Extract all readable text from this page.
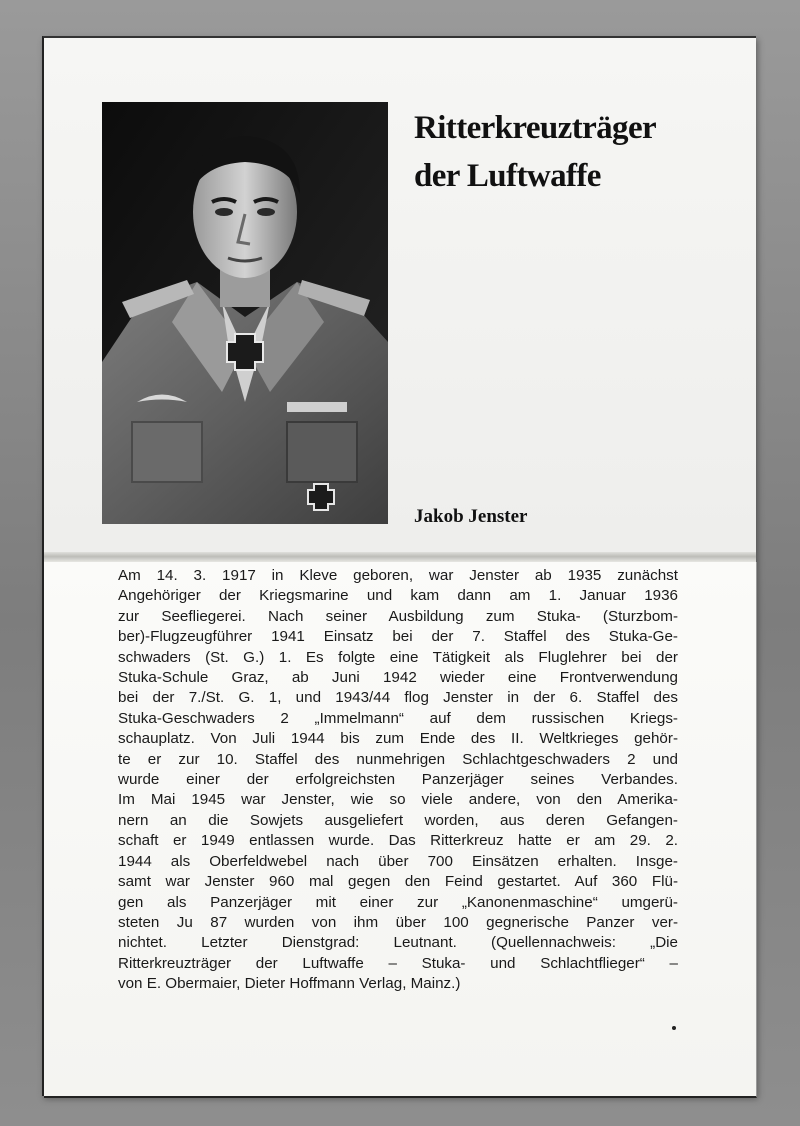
Ritterkreuzträger
der Luftwaffe
Jakob Jenster

Am 14. 3. 1917 in Kleve geboren, war Jenster ab 1935 zunächst
Angehöriger der Kriegsmarine und kam dann am 1. Januar 1936
zur Seefliegerei. Nach seiner Ausbildung zum Stuka- (Sturzbom-
ber)-Flugzeugführer 1941 Einsatz bei der 7. Staffel des Stuka-Ge-
schwaders (St. G.) 1. Es folgte eine Tätigkeit als Fluglehrer bei der
Stuka-Schule Graz, ab Juni 1942 wieder eine Frontverwendung
bei der 7./St. G. 1, und 1943/44 flog Jenster in der 6. Staffel des
Stuka-Geschwaders 2 „Immelmann“ auf dem russischen Kriegs-
schauplatz. Von Juli 1944 bis zum Ende des II. Weltkrieges gehör-
te er zur 10. Staffel des nunmehrigen Schlachtgeschwaders 2 und
wurde einer der erfolgreichsten Panzerjäger seines Verbandes.
Im Mai 1945 war Jenster, wie so viele andere, von den Amerika-
nern an die Sowjets ausgeliefert worden, aus deren Gefangen-
schaft er 1949 entlassen wurde. Das Ritterkreuz hatte er am 29. 2.
1944 als Oberfeldwebel nach über 700 Einsätzen erhalten. Insge-
samt war Jenster 960 mal gegen den Feind gestartet. Auf 360 Flü-
gen als Panzerjäger mit einer zur „Kanonenmaschine“ umgerü-
steten Ju 87 wurden von ihm über 100 gegnerische Panzer ver-
nichtet. Letzter Dienstgrad: Leutnant. (Quellennachweis: „Die
Ritterkreuzträger der Luftwaffe – Stuka- und Schlachtflieger“ –
von E. Obermaier, Dieter Hoffmann Verlag, Mainz.)
